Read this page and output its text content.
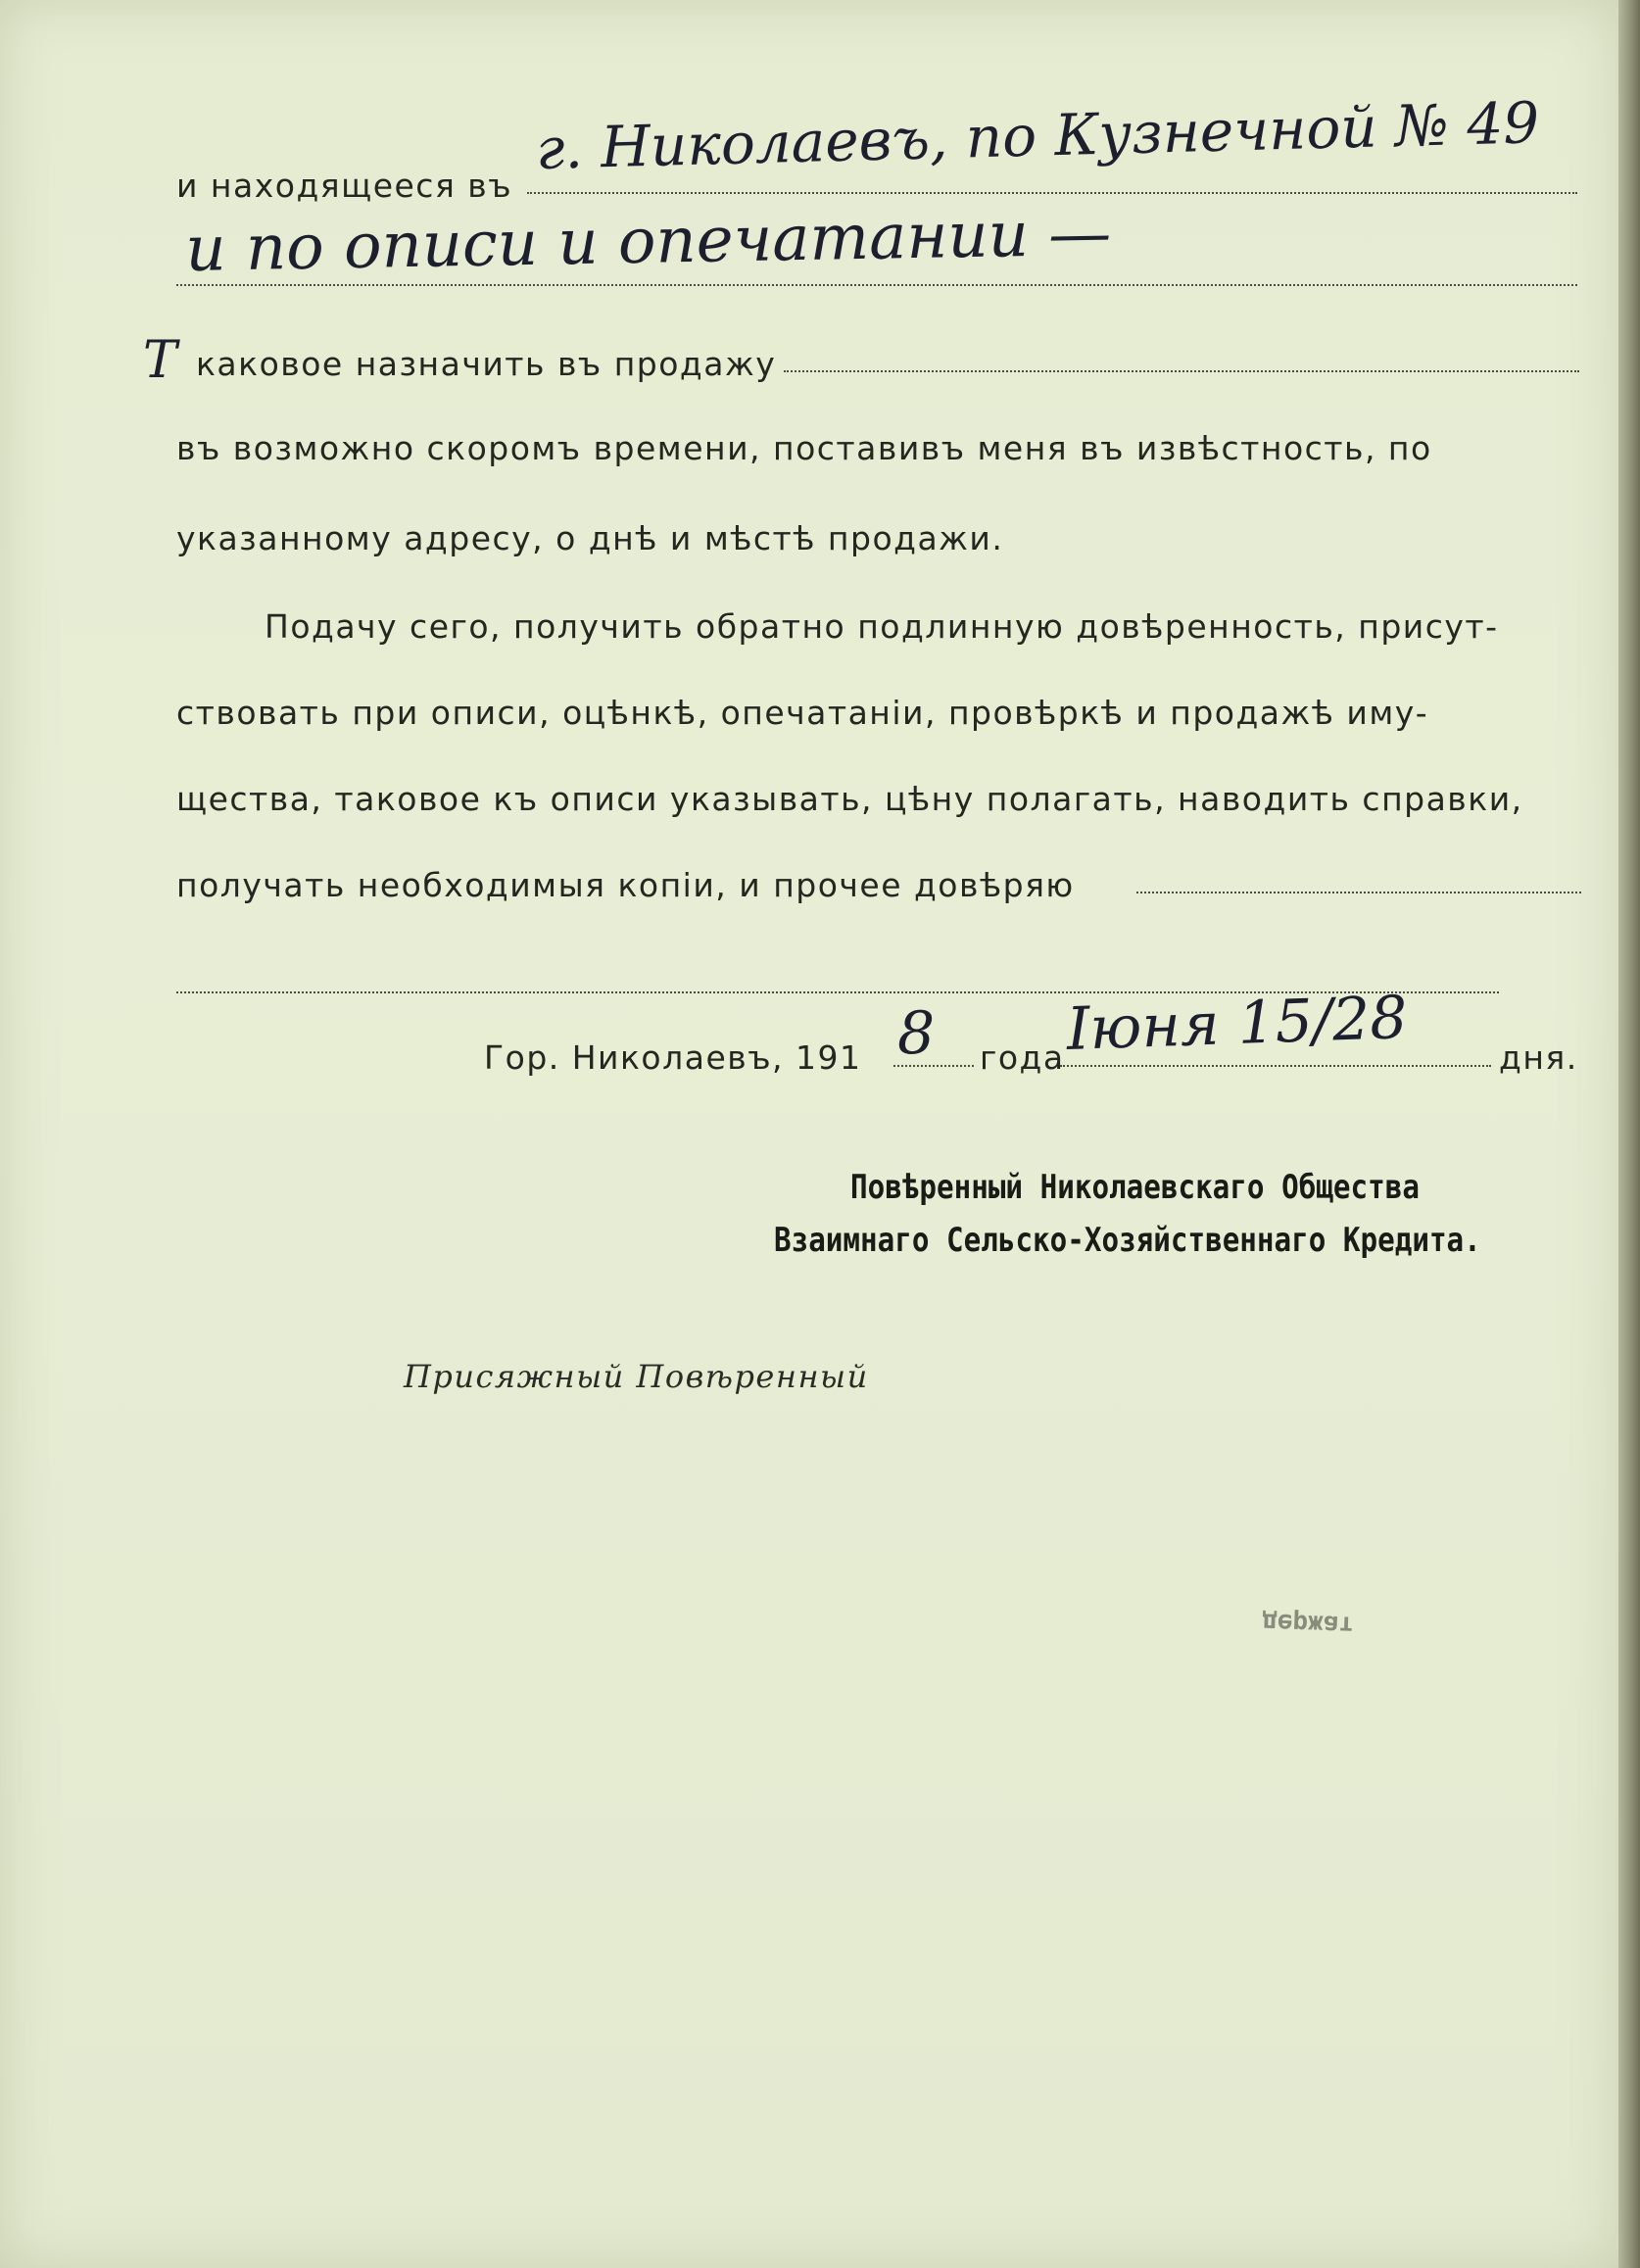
и находящееся въ
г. Николаевъ, по Кузнечной № 49
и по описи и опечатании —
Т каковое назначить въ продажу
въ возможно скоромъ времени, поставивъ меня въ извѣстность, по
указанному адресу, о днѣ и мѣстѣ продажи.
Подачу сего, получить обратно подлинную довѣренность, присут-
ствовать при описи, оцѣнкѣ, опечатанiи, провѣркѣ и продажѣ иму-
щества, таковое къ описи указывать, цѣну полагать, наводить справки,
получать необходимыя копiи, и прочее довѣряю
Гор. Николаевъ, 191 8 года Iюня 15/28	дня.
Повѣренный Николаевскаго Общества
Взаимнаго Сельско-Хозяйственнаго Кредита.
Присяжный Повѣренный
держат
